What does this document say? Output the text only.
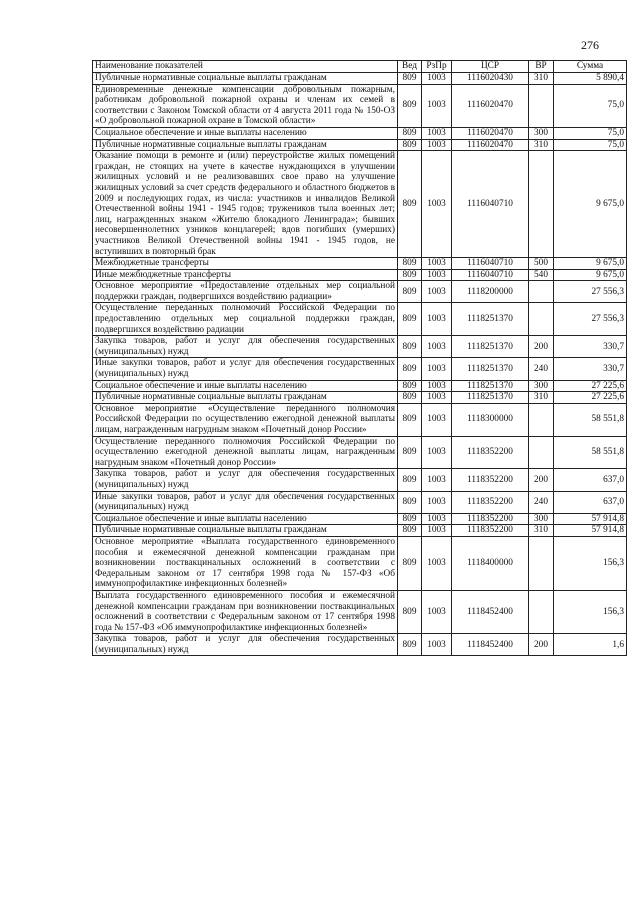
276
Наименование показателей	Вед	РзПр	ЦСР	ВР	Сумма
Публичные нормативные социальные выплаты гражданам	809	1003	1116020430	310	5 890,4
Единовременные денежные компенсации добровольным пожарным, работникам добровольной пожарной охраны и членам их семей в соответствии с Законом Томской области от 4 августа 2011 года № 150-ОЗ «О добровольной пожарной охране в Томской области»	809	1003	1116020470		75,0
Социальное обеспечение и иные выплаты населению	809	1003	1116020470	300	75,0
Публичные нормативные социальные выплаты гражданам	809	1003	1116020470	310	75,0
Оказание помощи в ремонте и (или) переустройстве жилых помещений граждан, не стоящих на учете в качестве нуждающихся в улучшении жилищных условий и не реализовавших свое право на улучшение жилищных условий за счет средств федерального и областного бюджетов в 2009 и последующих годах, из числа: участников и инвалидов Великой Отечественной войны 1941 - 1945 годов; тружеников тыла военных лет; лиц, награжденных знаком «Жителю блокадного Ленинграда»; бывших несовершеннолетних узников концлагерей; вдов погибших (умерших) участников Великой Отечественной войны 1941 - 1945 годов, не вступивших в повторный брак	809	1003	1116040710		9 675,0
Межбюджетные трансферты	809	1003	1116040710	500	9 675,0
Иные межбюджетные трансферты	809	1003	1116040710	540	9 675,0
Основное мероприятие «Предоставление отдельных мер социальной поддержки граждан, подвергшихся воздействию радиации»	809	1003	1118200000		27 556,3
Осуществление переданных полномочий Российской Федерации по предоставлению отдельных мер социальной поддержки граждан, подвергшихся воздействию радиации	809	1003	1118251370		27 556,3
Закупка товаров, работ и услуг для обеспечения государственных (муниципальных) нужд	809	1003	1118251370	200	330,7
Иные закупки товаров, работ и услуг для обеспечения государственных (муниципальных) нужд	809	1003	1118251370	240	330,7
Социальное обеспечение и иные выплаты населению	809	1003	1118251370	300	27 225,6
Публичные нормативные социальные выплаты гражданам	809	1003	1118251370	310	27 225,6
Основное мероприятие «Осуществление переданного полномочия Российской Федерации по осуществлению ежегодной денежной выплаты лицам, награжденным нагрудным знаком «Почетный донор России»	809	1003	1118300000		58 551,8
Осуществление переданного полномочия Российской Федерации по осуществлению ежегодной денежной выплаты лицам, награжденным нагрудным знаком «Почетный донор России»	809	1003	1118352200		58 551,8
Закупка товаров, работ и услуг для обеспечения государственных (муниципальных) нужд	809	1003	1118352200	200	637,0
Иные закупки товаров, работ и услуг для обеспечения государственных (муниципальных) нужд	809	1003	1118352200	240	637,0
Социальное обеспечение и иные выплаты населению	809	1003	1118352200	300	57 914,8
Публичные нормативные социальные выплаты гражданам	809	1003	1118352200	310	57 914,8
Основное мероприятие «Выплата государственного единовременного пособия и ежемесячной денежной компенсации гражданам при возникновении поствакцинальных осложнений в соответствии с Федеральным законом от 17 сентября 1998 года № 157-ФЗ «Об иммунопрофилактике инфекционных болезней»	809	1003	1118400000		156,3
Выплата государственного единовременного пособия и ежемесячной денежной компенсации гражданам при возникновении поствакцинальных осложнений в соответствии с Федеральным законом от 17 сентября 1998 года № 157-ФЗ «Об иммунопрофилактике инфекционных болезней»	809	1003	1118452400		156,3
Закупка товаров, работ и услуг для обеспечения государственных (муниципальных) нужд	809	1003	1118452400	200	1,6
